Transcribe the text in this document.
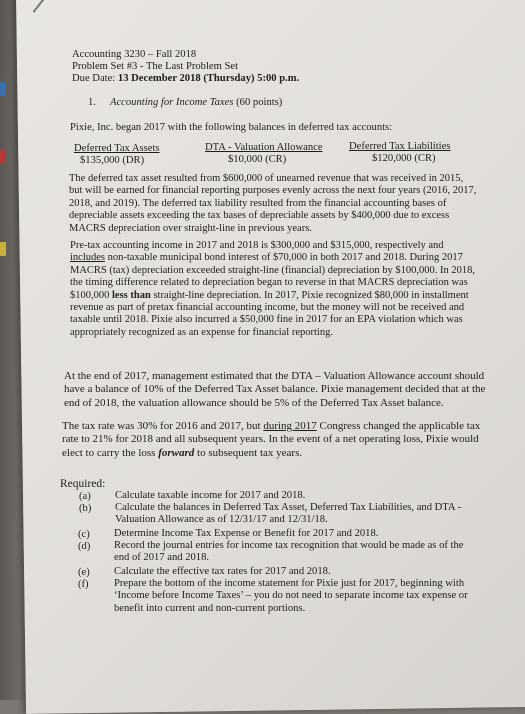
Accounting 3230 – Fall 2018
Problem Set #3 - The Last Problem Set
Due Date: 13 December 2018 (Thursday) 5:00 p.m.
1. Accounting for Income Taxes (60 points)
Pixie, Inc. began 2017 with the following balances in deferred tax accounts:
Deferred Tax Assets
$135,000 (DR)
DTA - Valuation Allowance
$10,000 (CR)
Deferred Tax Liabilities
$120,000 (CR)
The deferred tax asset resulted from $600,000 of unearned revenue that was received in 2015,
but will be earned for financial reporting purposes evenly across the next four years (2016, 2017,
2018, and 2019). The deferred tax liability resulted from the financial accounting bases of
depreciable assets exceeding the tax bases of depreciable assets by $400,000 due to excess
MACRS depreciation over straight-line in previous years.
Pre-tax accounting income in 2017 and 2018 is $300,000 and $315,000, respectively and
includes non-taxable municipal bond interest of $70,000 in both 2017 and 2018. During 2017
MACRS (tax) depreciation exceeded straight-line (financial) depreciation by $100,000. In 2018,
the timing difference related to depreciation began to reverse in that MACRS depreciation was
$100,000 less than straight-line depreciation. In 2017, Pixie recognized $80,000 in installment
revenue as part of pretax financial accounting income, but the money will not be received and
taxable until 2018. Pixie also incurred a $50,000 fine in 2017 for an EPA violation which was
appropriately recognized as an expense for financial reporting.
At the end of 2017, management estimated that the DTA – Valuation Allowance account should
have a balance of 10% of the Deferred Tax Asset balance. Pixie management decided that at the
end of 2018, the valuation allowance should be 5% of the Deferred Tax Asset balance.
The tax rate was 30% for 2016 and 2017, but during 2017 Congress changed the applicable tax
rate to 21% for 2018 and all subsequent years. In the event of a net operating loss, Pixie would
elect to carry the loss forward to subsequent tax years.
Required:
(a) Calculate taxable income for 2017 and 2018.
(b) Calculate the balances in Deferred Tax Asset, Deferred Tax Liabilities, and DTA -
Valuation Allowance as of 12/31/17 and 12/31/18.
(c) Determine Income Tax Expense or Benefit for 2017 and 2018.
(d) Record the journal entries for income tax recognition that would be made as of the
end of 2017 and 2018.
(e) Calculate the effective tax rates for 2017 and 2018.
(f) Prepare the bottom of the income statement for Pixie just for 2017, beginning with
‘Income before Income Taxes’ – you do not need to separate income tax expense or
benefit into current and non-current portions.
